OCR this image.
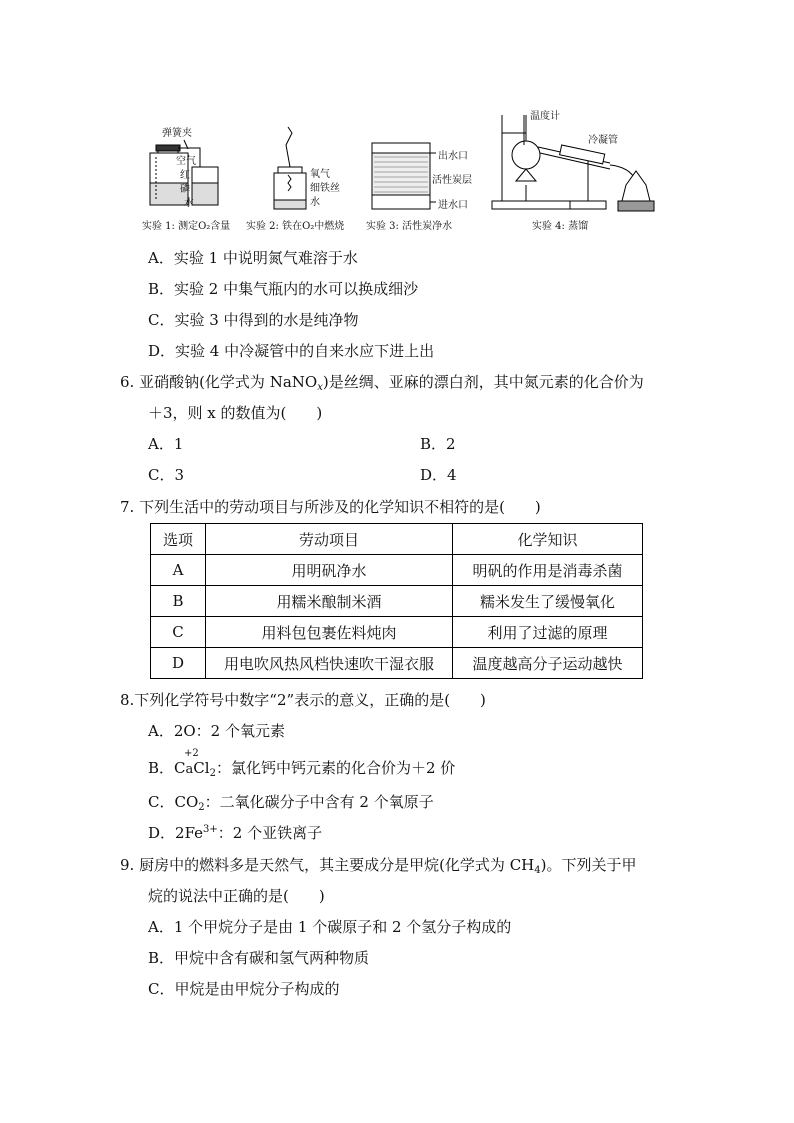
弹簧夹
空气
红
磷
水
实验 1: 测定O₂含量
氧气
细铁丝
水
实验 2: 铁在O₂中燃烧
出水口
活性炭层
进水口
实验 3: 活性炭净水
温度计
冷凝管
实验 4: 蒸馏
A．实验 1 中说明氮气难溶于水
B．实验 2 中集气瓶内的水可以换成细沙
C．实验 3 中得到的水是纯净物
D．实验 4 中冷凝管中的自来水应下进上出
6. 亚硝酸钠(化学式为 NaNO$_x$)是丝绸、亚麻的漂白剂，其中氮元素的化合价为
＋3，则 x 的数值为(　　)
A．1	B．2
C．3	D．4
7. 下列生活中的劳动项目与所涉及的化学知识不相符的是(　　)
选项	劳动项目	化学知识
A	用明矾净水	明矾的作用是消毒杀菌
B	用糯米酿制米酒	糯米发生了缓慢氧化
C	用料包包裹佐料炖肉	利用了过滤的原理
D	用电吹风热风档快速吹干湿衣服	温度越高分子运动越快
8.下列化学符号中数字“2”表示的意义，正确的是(　　)
A．2O：2 个氧元素
B．
+2
CaCl$_2$：氯化钙中钙元素的化合价为＋2 价
C．$CO_2$：二氧化碳分子中含有 2 个氧原子
D．$2Fe^{3+}$：2 个亚铁离子
9. 厨房中的燃料多是天然气，其主要成分是甲烷(化学式为 $CH_4$)。下列关于甲
烷的说法中正确的是(　　)
A．1 个甲烷分子是由 1 个碳原子和 2 个氢分子构成的
B．甲烷中含有碳和氢气两种物质
C．甲烷是由甲烷分子构成的
